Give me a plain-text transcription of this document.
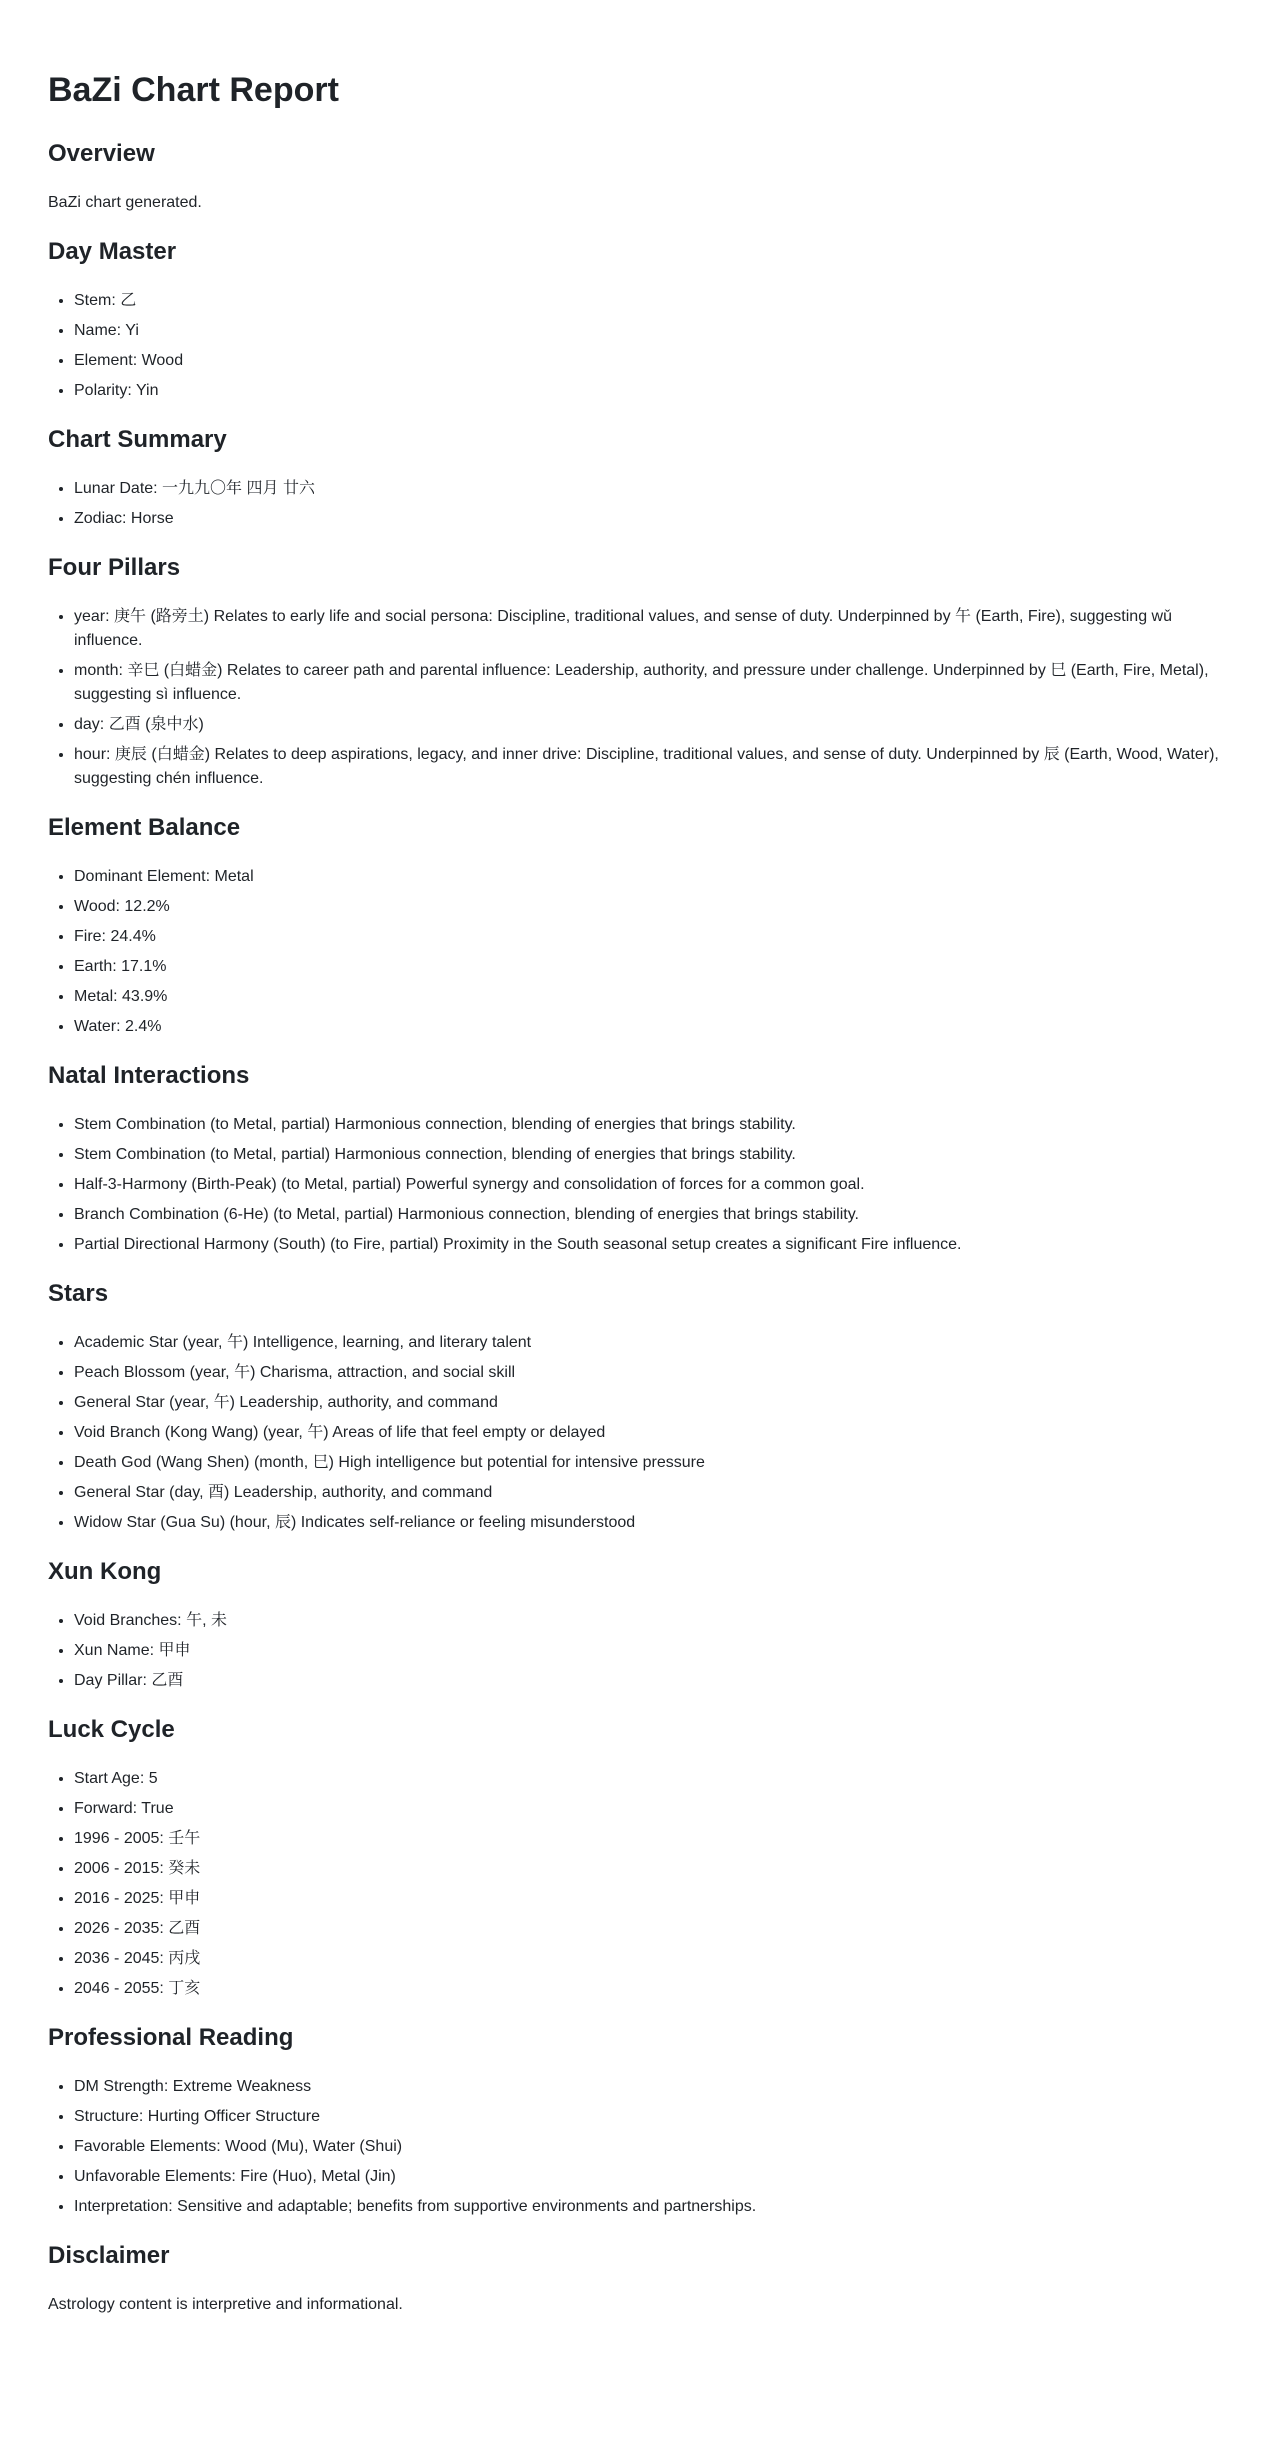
BaZi Chart Report
Overview

BaZi chart generated.

Day Master
• Stem: 乙
• Name: Yi
• Element: Wood
• Polarity: Yin
Chart Summary
• Lunar Date: 一九九〇年 四月 廿六
• Zodiac: Horse
Four Pillars
• year: 庚午 (路旁土) Relates to early life and social persona: Discipline, traditional values, and sense of duty. Underpinned by 午 (Earth, Fire), suggesting wǔ influence.
• month: 辛巳 (白蜡金) Relates to career path and parental influence: Leadership, authority, and pressure under challenge. Underpinned by 巳 (Earth, Fire, Metal), suggesting sì influence.
• day: 乙酉 (泉中水)
• hour: 庚辰 (白蜡金) Relates to deep aspirations, legacy, and inner drive: Discipline, traditional values, and sense of duty. Underpinned by 辰 (Earth, Wood, Water), suggesting chén influence.
Element Balance
• Dominant Element: Metal
• Wood: 12.2%
• Fire: 24.4%
• Earth: 17.1%
• Metal: 43.9%
• Water: 2.4%
Natal Interactions
• Stem Combination (to Metal, partial) Harmonious connection, blending of energies that brings stability.
• Stem Combination (to Metal, partial) Harmonious connection, blending of energies that brings stability.
• Half-3-Harmony (Birth-Peak) (to Metal, partial) Powerful synergy and consolidation of forces for a common goal.
• Branch Combination (6-He) (to Metal, partial) Harmonious connection, blending of energies that brings stability.
• Partial Directional Harmony (South) (to Fire, partial) Proximity in the South seasonal setup creates a significant Fire influence.
Stars
• Academic Star (year, 午) Intelligence, learning, and literary talent
• Peach Blossom (year, 午) Charisma, attraction, and social skill
• General Star (year, 午) Leadership, authority, and command
• Void Branch (Kong Wang) (year, 午) Areas of life that feel empty or delayed
• Death God (Wang Shen) (month, 巳) High intelligence but potential for intensive pressure
• General Star (day, 酉) Leadership, authority, and command
• Widow Star (Gua Su) (hour, 辰) Indicates self-reliance or feeling misunderstood
Xun Kong
• Void Branches: 午, 未
• Xun Name: 甲申
• Day Pillar: 乙酉
Luck Cycle
• Start Age: 5
• Forward: True
• 1996 - 2005: 壬午
• 2006 - 2015: 癸未
• 2016 - 2025: 甲申
• 2026 - 2035: 乙酉
• 2036 - 2045: 丙戌
• 2046 - 2055: 丁亥
Professional Reading
• DM Strength: Extreme Weakness
• Structure: Hurting Officer Structure
• Favorable Elements: Wood (Mu), Water (Shui)
• Unfavorable Elements: Fire (Huo), Metal (Jin)
• Interpretation: Sensitive and adaptable; benefits from supportive environments and partnerships.
Disclaimer

Astrology content is interpretive and informational.
